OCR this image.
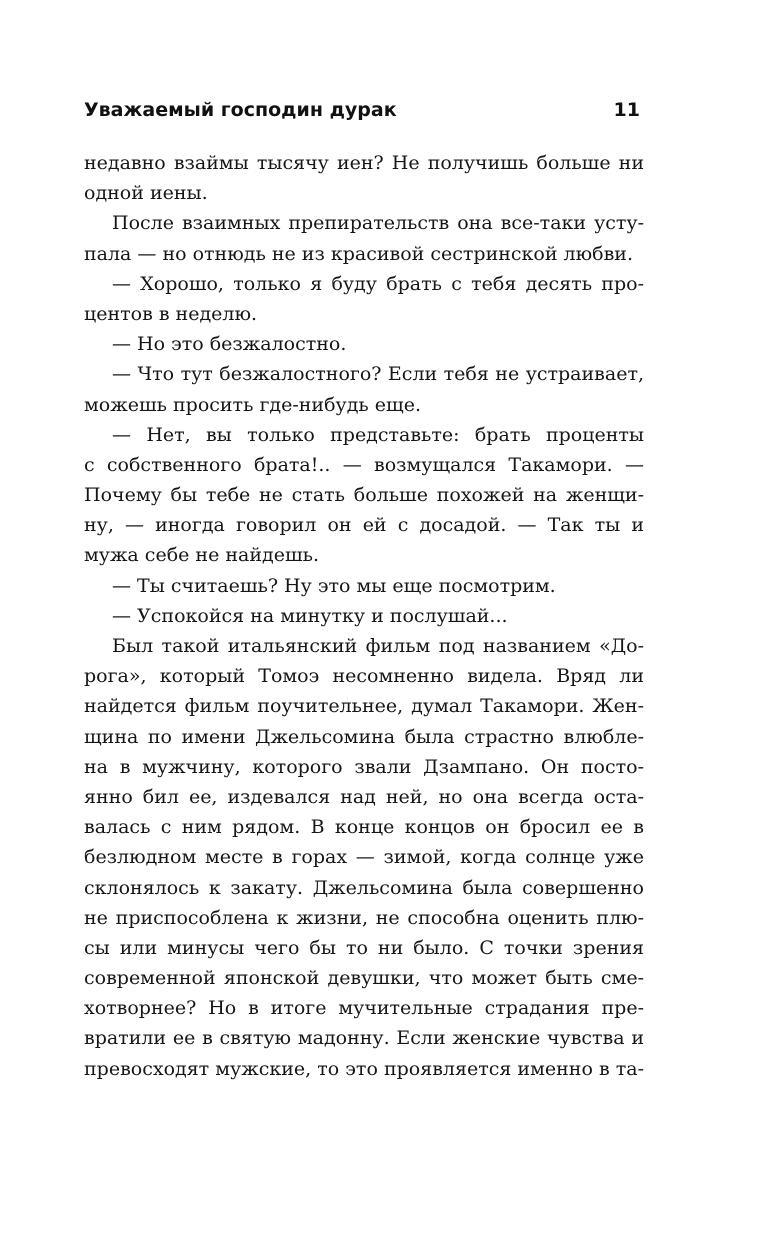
Уважаемый господин дурак	11
недавно взаймы тысячу иен? Не получишь больше ни
одной иены.
После взаимных препирательств она все-таки усту-
пала — но отнюдь не из красивой сестринской любви.
— Хорошо, только я буду брать с тебя десять про-
центов в неделю.
— Но это безжалостно.
— Что тут безжалостного? Если тебя не устраивает,
можешь просить где-нибудь еще.
— Нет, вы только представьте: брать проценты
с собственного брата!.. — возмущался Такамори. —
Почему бы тебе не стать больше похожей на женщи-
ну, — иногда говорил он ей с досадой. — Так ты и
мужа себе не найдешь.
— Ты считаешь? Ну это мы еще посмотрим.
— Успокойся на минутку и послушай...
Был такой итальянский фильм под названием «До-
рога», который Томоэ несомненно видела. Вряд ли
найдется фильм поучительнее, думал Такамори. Жен-
щина по имени Джельсомина была страстно влюбле-
на в мужчину, которого звали Дзампано. Он посто-
янно бил ее, издевался над ней, но она всегда оста-
валась с ним рядом. В конце концов он бросил ее в
безлюдном месте в горах — зимой, когда солнце уже
склонялось к закату. Джельсомина была совершенно
не приспособлена к жизни, не способна оценить плю-
сы или минусы чего бы то ни было. С точки зрения
современной японской девушки, что может быть сме-
хотворнее? Но в итоге мучительные страдания пре-
вратили ее в святую мадонну. Если женские чувства и
превосходят мужские, то это проявляется именно в та-
